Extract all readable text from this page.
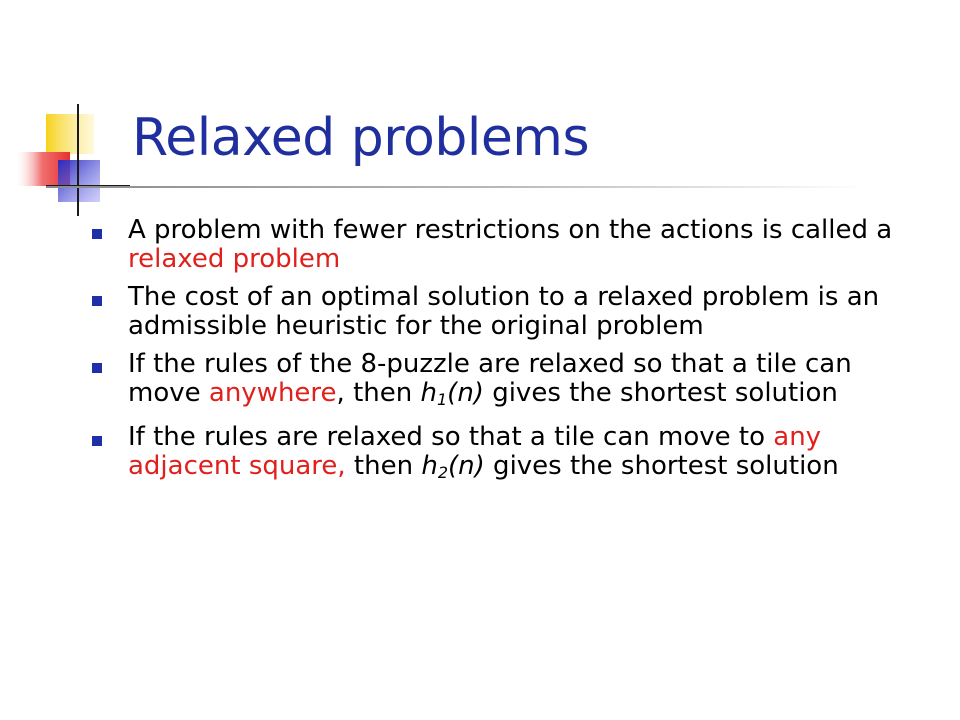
Relaxed problems
A problem with fewer restrictions on the actions is called a relaxed problem
The cost of an optimal solution to a relaxed problem is an admissible heuristic for the original problem
If the rules of the 8-puzzle are relaxed so that a tile can move anywhere, then $h_1(n)$ gives the shortest solution
If the rules are relaxed so that a tile can move to any adjacent square, then $h_2(n)$ gives the shortest solution
